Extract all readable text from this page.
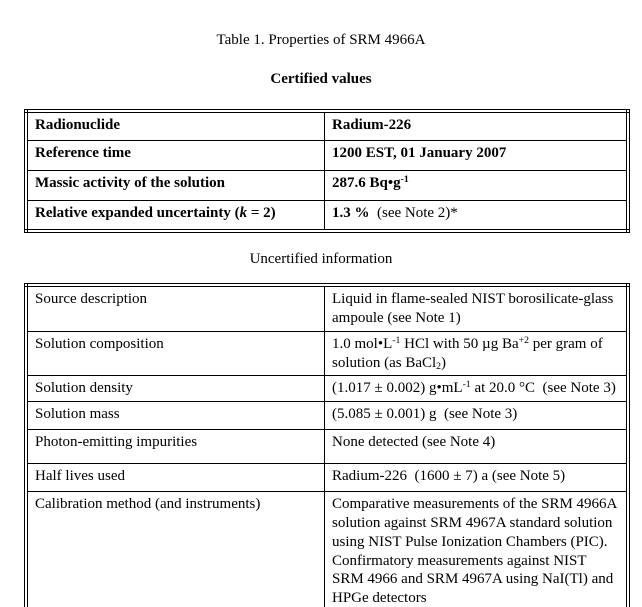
Table 1. Properties of SRM 4966A
Certified values
Radionuclide	Radium-226
Reference time	1200 EST, 01 January 2007
Massic activity of the solution	287.6 $Bq•g^{-1}$
Relative expanded uncertainty (k = 2)	1.3 %  (see Note 2)*
Uncertified information
Source description	Liquid in flame-sealed NIST borosilicate-glass ampoule (see Note 1)
Solution composition	1.0 $mol•L^{-1}$ HCl with 50 µg $Ba^{+2}$ per gram of solution (as BaCl2)
Solution density	(1.017 ± 0.002) $g•mL^{-1}$ at 20.0 °C  (see Note 3)
Solution mass	(5.085 ± 0.001) g  (see Note 3)
Photon-emitting impurities	None detected (see Note 4)
Half lives used	Radium-226  (1600 ± 7) a (see Note 5)
Calibration method (and instruments)	Comparative measurements of the SRM 4966A solution against SRM 4967A standard solution using NIST Pulse Ionization Chambers (PIC).  Confirmatory measurements against NIST SRM 4966 and SRM 4967A using NaI(Tl) and HPGe detectors
